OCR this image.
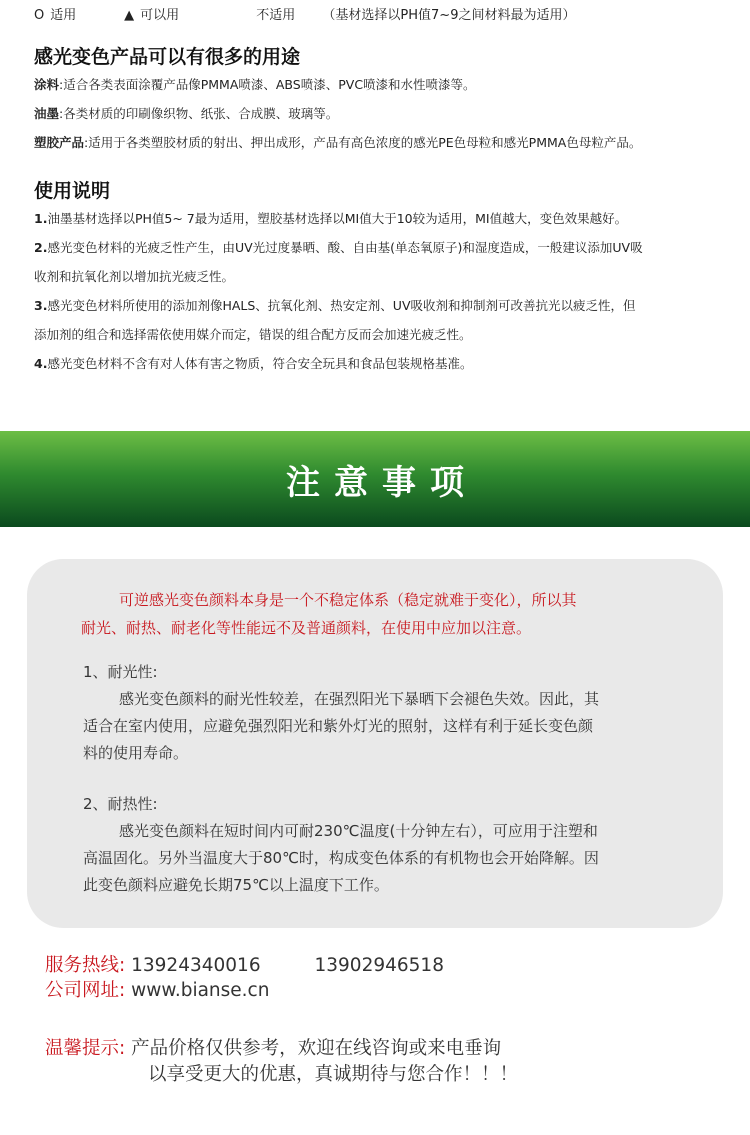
O 适用	▲ 可以用	不适用 （基材选择以PH值7~9之间材料最为适用）
感光变色产品可以有很多的用途

涂料:适合各类表面涂覆产品像PMMA喷漆、ABS喷漆、PVC喷漆和水性喷漆等。

油墨:各类材质的印刷像织物、纸张、合成膜、玻璃等。

塑胶产品:适用于各类塑胶材质的射出、押出成形，产品有高色浓度的感光PE色母粒和感光PMMA色母粒产品。

使用说明

1.油墨基材选择以PH值5~ 7最为适用，塑胶基材选择以MI值大于10较为适用，MI值越大，变色效果越好。

2.感光变色材料的光疲乏性产生，由UV光过度暴晒、酸、自由基(单态氧原子)和湿度造成，一般建议添加UV吸

收剂和抗氧化剂以增加抗光疲乏性。

3.感光变色材料所使用的添加剂像HALS、抗氧化剂、热安定剂、UV吸收剂和抑制剂可改善抗光以疲乏性，但

添加剂的组合和选择需依使用媒介而定，错误的组合配方反而会加速光疲乏性。

4.感光变色材料不含有对人体有害之物质，符合安全玩具和食品包装规格基准。

注意事项

可逆感光变色颜料本身是一个不稳定体系（稳定就难于变化），所以其
耐光、耐热、耐老化等性能远不及普通颜料，在使用中应加以注意。

1、耐光性:
感光变色颜料的耐光性较差，在强烈阳光下暴晒下会褪色失效。因此，其
适合在室内使用，应避免强烈阳光和紫外灯光的照射，这样有利于延长变色颜
料的使用寿命。
2、耐热性:
感光变色颜料在短时间内可耐230℃温度(十分钟左右），可应用于注塑和
高温固化。另外当温度大于80℃时，构成变色体系的有机物也会开始降解。因
此变色颜料应避免长期75℃以上温度下工作。
服务热线: 13924340016	13902946518
公司网址: www.bianse.cn
温馨提示: 产品价格仅供参考，欢迎在线咨询或来电垂询
以享受更大的优惠，真诚期待与您合作！！！
